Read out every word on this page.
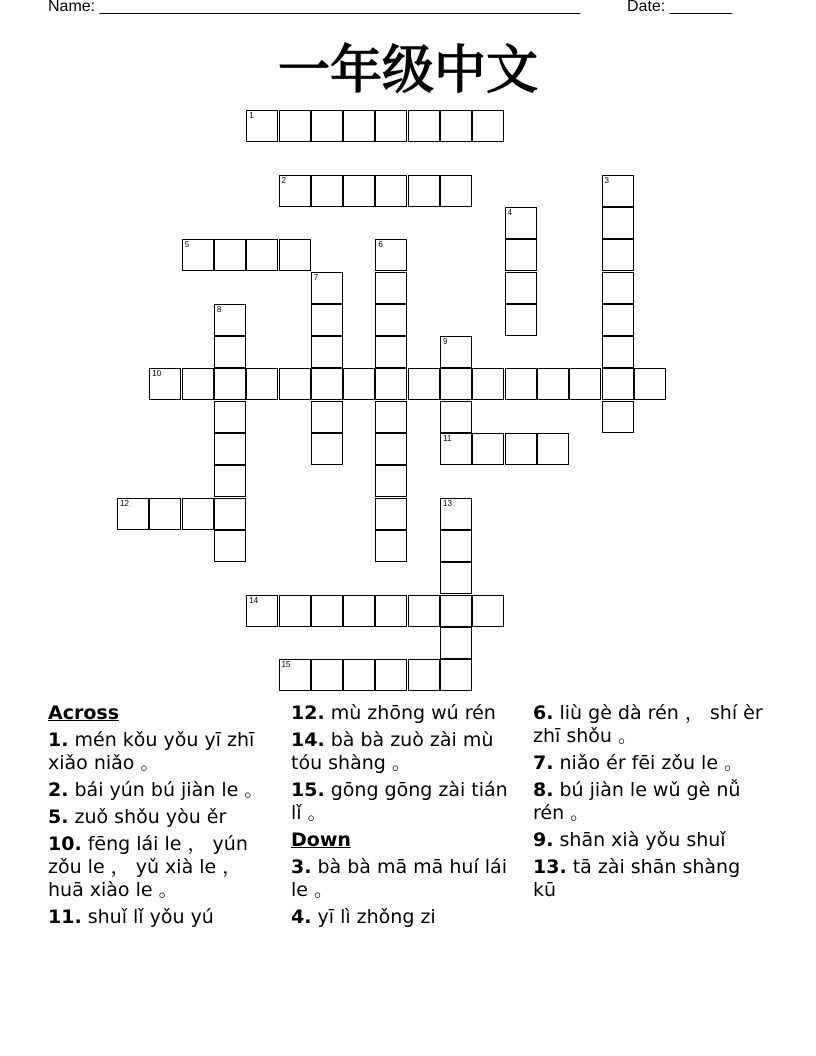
Name: ______________________________________________________	Date: _______
一年级中文
1
2	3
4
5	6
7
8
9
11
10
12	13
14
15
Across
1. mén kǒu yǒu yī zhī xiǎo niǎo 。
2. bái yún bú jiàn le 。
5. zuǒ shǒu yòu ěr
10. fēng lái le ， yún zǒu le ， yǔ xià le ， huā xiào le 。
11. shuǐ lǐ yǒu yú
12. mù zhōng wú rén
14. bà bà zuò zài mù tóu shàng 。
15. gōng gōng zài tián lǐ 。
Down
3. bà bà mā mā huí lái le 。
4. yī lì zhǒng zi
6. liù gè dà rén ， shí èr zhī shǒu 。
7. niǎo ér fēi zǒu le 。
8. bú jiàn le wǔ gè nǚ rén 。
9. shān xià yǒu shuǐ
13. tā zài shān shàng kū
